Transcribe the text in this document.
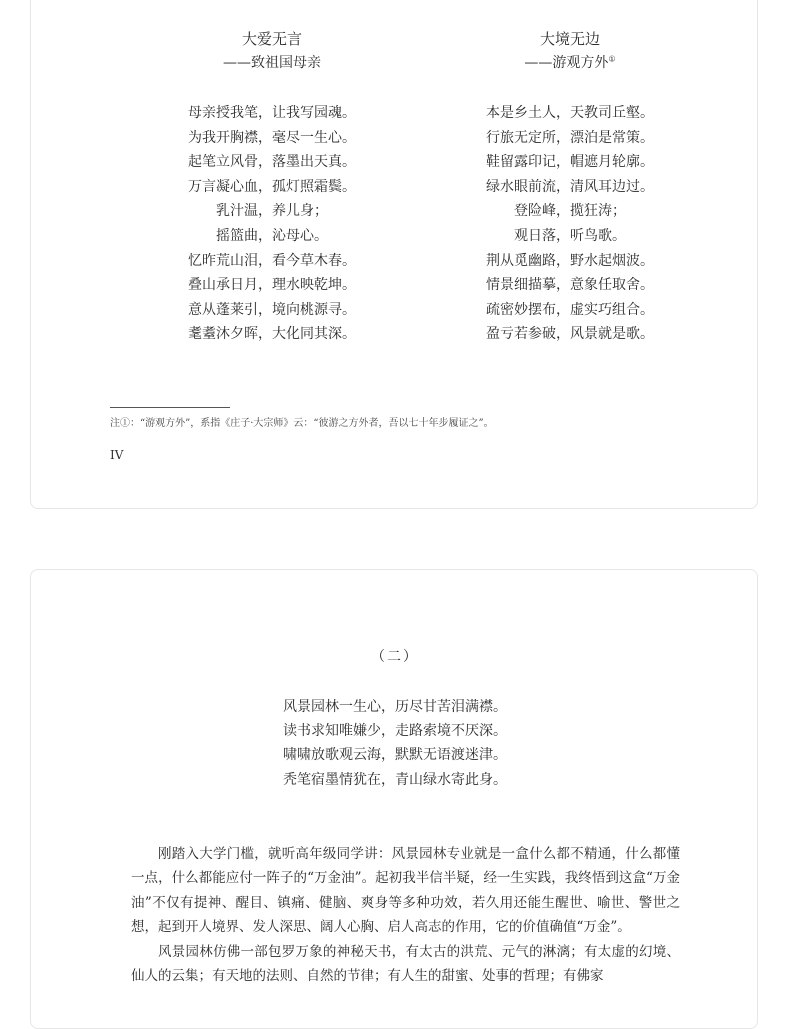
大爱无言
——致祖国母亲
母亲授我笔，让我写园魂。
为我开胸襟，毫尽一生心。
起笔立风骨，落墨出天真。
万言凝心血，孤灯照霜鬓。
乳汁温，养儿身；
摇篮曲，沁母心。
忆昨荒山泪，看今草木春。
叠山承日月，理水映乾坤。
意从蓬莱引，境向桃源寻。
耄耋沐夕晖，大化同其深。
大境无边
——游观方外①
本是乡土人，天教司丘壑。
行旅无定所，漂泊是常策。
鞋留露印记，帽遮月轮廓。
绿水眼前流，清风耳边过。
登险峰，揽狂涛；
观日落，听鸟歌。
荆从觅幽路，野水起烟波。
情景细描摹，意象任取舍。
疏密妙摆布，虚实巧组合。
盈亏若参破，风景就是歌。
注①：“游观方外”，系指《庄子·大宗师》云：“彼游之方外者，吾以七十年步履证之”。
IV
（二）
风景园林一生心，历尽甘苦泪满襟。
读书求知唯嫌少，走路索境不厌深。
啸啸放歌观云海，默默无语渡迷津。
秃笔宿墨情犹在，青山绿水寄此身。

刚踏入大学门槛，就听高年级同学讲：风景园林专业就是一盒什么都不精通，什么都懂一点，什么都能应付一阵子的“万金油”。起初我半信半疑，经一生实践，我终悟到这盒“万金油”不仅有提神、醒目、镇痛、健脑、爽身等多种功效，若久用还能生醒世、喻世、警世之想，起到开人境界、发人深思、阔人心胸、启人高志的作用，它的价值确值“万金”。

风景园林仿佛一部包罗万象的神秘天书，有太古的洪荒、元气的淋漓；有太虚的幻境、仙人的云集；有天地的法则、自然的节律；有人生的甜蜜、处事的哲理；有佛家
